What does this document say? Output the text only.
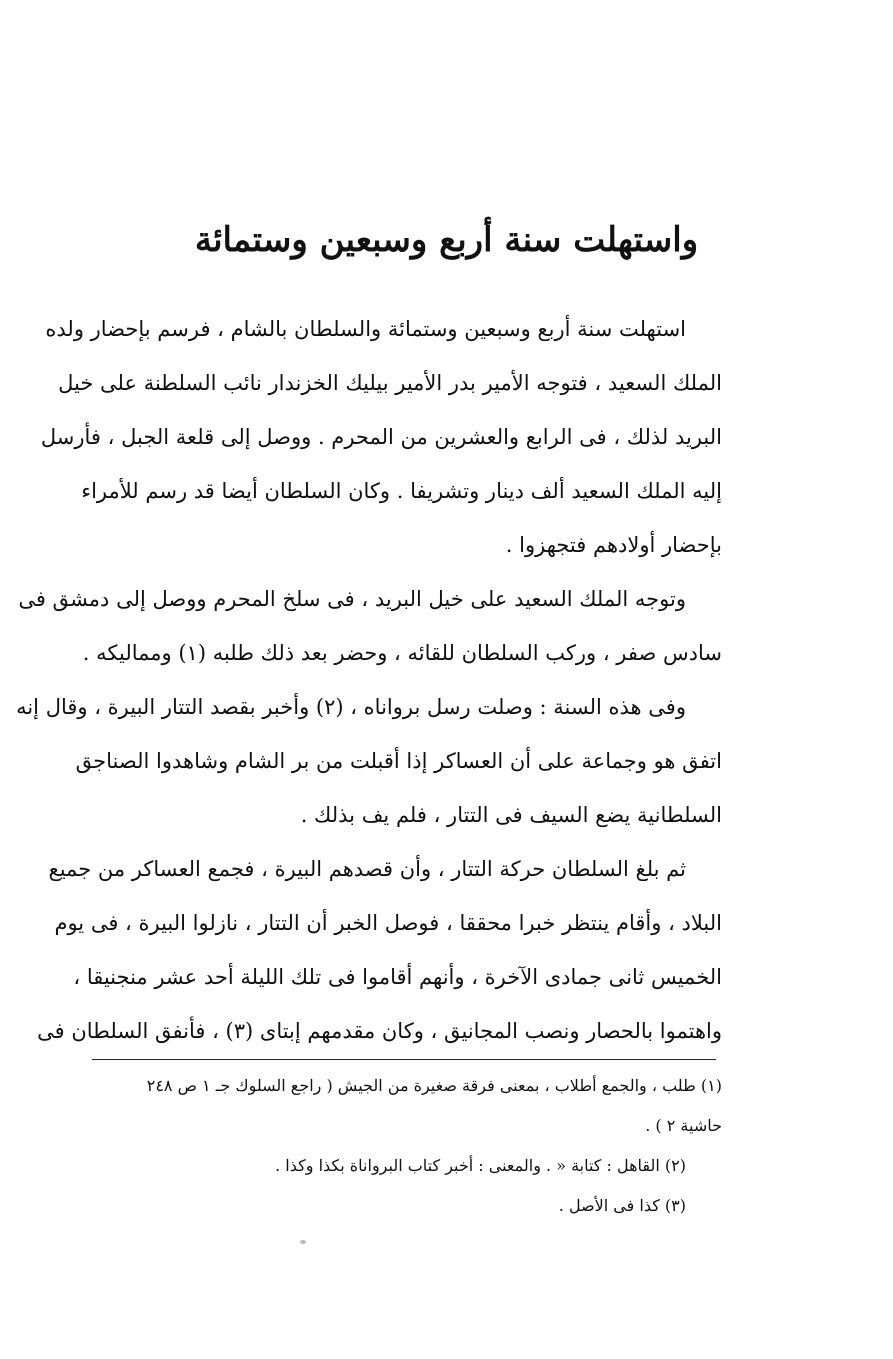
واستهلت سنة أربع وسبعين وستمائة
استهلت سنة أربع وسبعين وستمائة والسلطان بالشام ، فرسم بإحضار ولده
الملك السعيد ، فتوجه الأمير بدر الأمير بيليك الخزندار نائب السلطنة على خيل
البريد لذلك ، فى الرابع والعشرين من المحرم . ووصل إلى قلعة الجبل ، فأرسل
إليه الملك السعيد ألف دينار وتشريفا . وكان السلطان أيضا قد رسم للأمراء
بإحضار أولادهم فتجهزوا .
وتوجه الملك السعيد على خيل البريد ، فى سلخ المحرم ووصل إلى دمشق فى
سادس صفر ، وركب السلطان للقائه ، وحضر بعد ذلك طلبه (١) ومماليكه .
وفى هذه السنة : وصلت رسل برواناه ، (٢) وأخبر بقصد التتار البيرة ، وقال إنه
اتفق هو وجماعة على أن العساكر إذا أقبلت من بر الشام وشاهدوا الصناجق
السلطانية يضع السيف فى التتار ، فلم يف بذلك .
ثم بلغ السلطان حركة التتار ، وأن قصدهم البيرة ، فجمع العساكر من جميع
البلاد ، وأقام ينتظر خبرا محققا ، فوصل الخبر أن التتار ، نازلوا البيرة ، فى يوم
الخميس ثانى جمادى الآخرة ، وأنهم أقاموا فى تلك الليلة أحد عشر منجنيقا ،
واهتموا بالحصار ونصب المجانيق ، وكان مقدمهم إبتاى (٣) ، فأنفق السلطان فى
(١) طلب ، والجمع أطلاب ، بمعنى فرقة صغيرة من الجيش ( راجع السلوك جـ ١ ص ٢٤٨
حاشية ٢ ) .
(٢) القاهل : كتابة « . والمعنى : أخبر كتاب البرواناة بكذا وكذا .
(٣) كذا فى الأصل .
